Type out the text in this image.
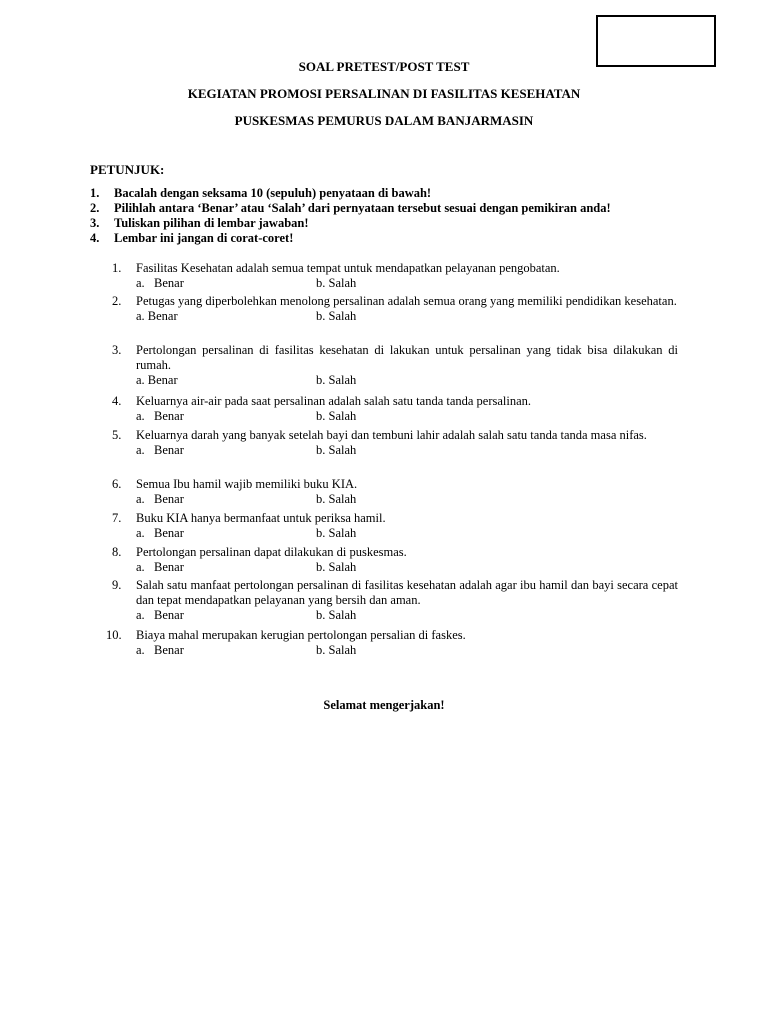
SOAL PRETEST/POST TEST
KEGIATAN PROMOSI PERSALINAN DI FASILITAS KESEHATAN
PUSKESMAS PEMURUS DALAM BANJARMASIN
PETUNJUK:
1. Bacalah dengan seksama 10 (sepuluh) penyataan di bawah!
2. Pilihlah antara ‘Benar’ atau ‘Salah’ dari pernyataan tersebut sesuai dengan pemikiran anda!
3. Tuliskan pilihan di lembar jawaban!
4. Lembar ini jangan di corat-coret!
1.	Fasilitas Kesehatan adalah semua tempat untuk mendapatkan pelayanan pengobatan.
a.   Benar	b. Salah
2.	Petugas yang diperbolehkan menolong persalinan adalah semua orang yang memiliki pendidikan kesehatan.
a. Benar	b. Salah
3.	Pertolongan persalinan di fasilitas kesehatan di lakukan untuk persalinan yang tidak bisa dilakukan di rumah.
a. Benar	b. Salah
4.	Keluarnya air-air pada saat persalinan adalah salah satu tanda tanda persalinan.
a.   Benar	b. Salah
5.	Keluarnya darah yang banyak setelah bayi dan tembuni lahir adalah salah satu tanda tanda masa nifas.
a.   Benar	b. Salah
6.	Semua Ibu hamil wajib memiliki buku KIA.
a.   Benar	b. Salah
7.	Buku KIA hanya bermanfaat untuk periksa hamil.
a.   Benar	b. Salah
8.	Pertolongan persalinan dapat dilakukan di puskesmas.
a.   Benar	b. Salah
9.	Salah satu manfaat pertolongan persalinan di fasilitas kesehatan adalah agar ibu hamil dan bayi secara cepat dan tepat mendapatkan pelayanan yang bersih dan aman.
a.   Benar	b. Salah
10.	Biaya mahal merupakan kerugian pertolongan persalian di faskes.
a.   Benar	b. Salah
Selamat mengerjakan!
